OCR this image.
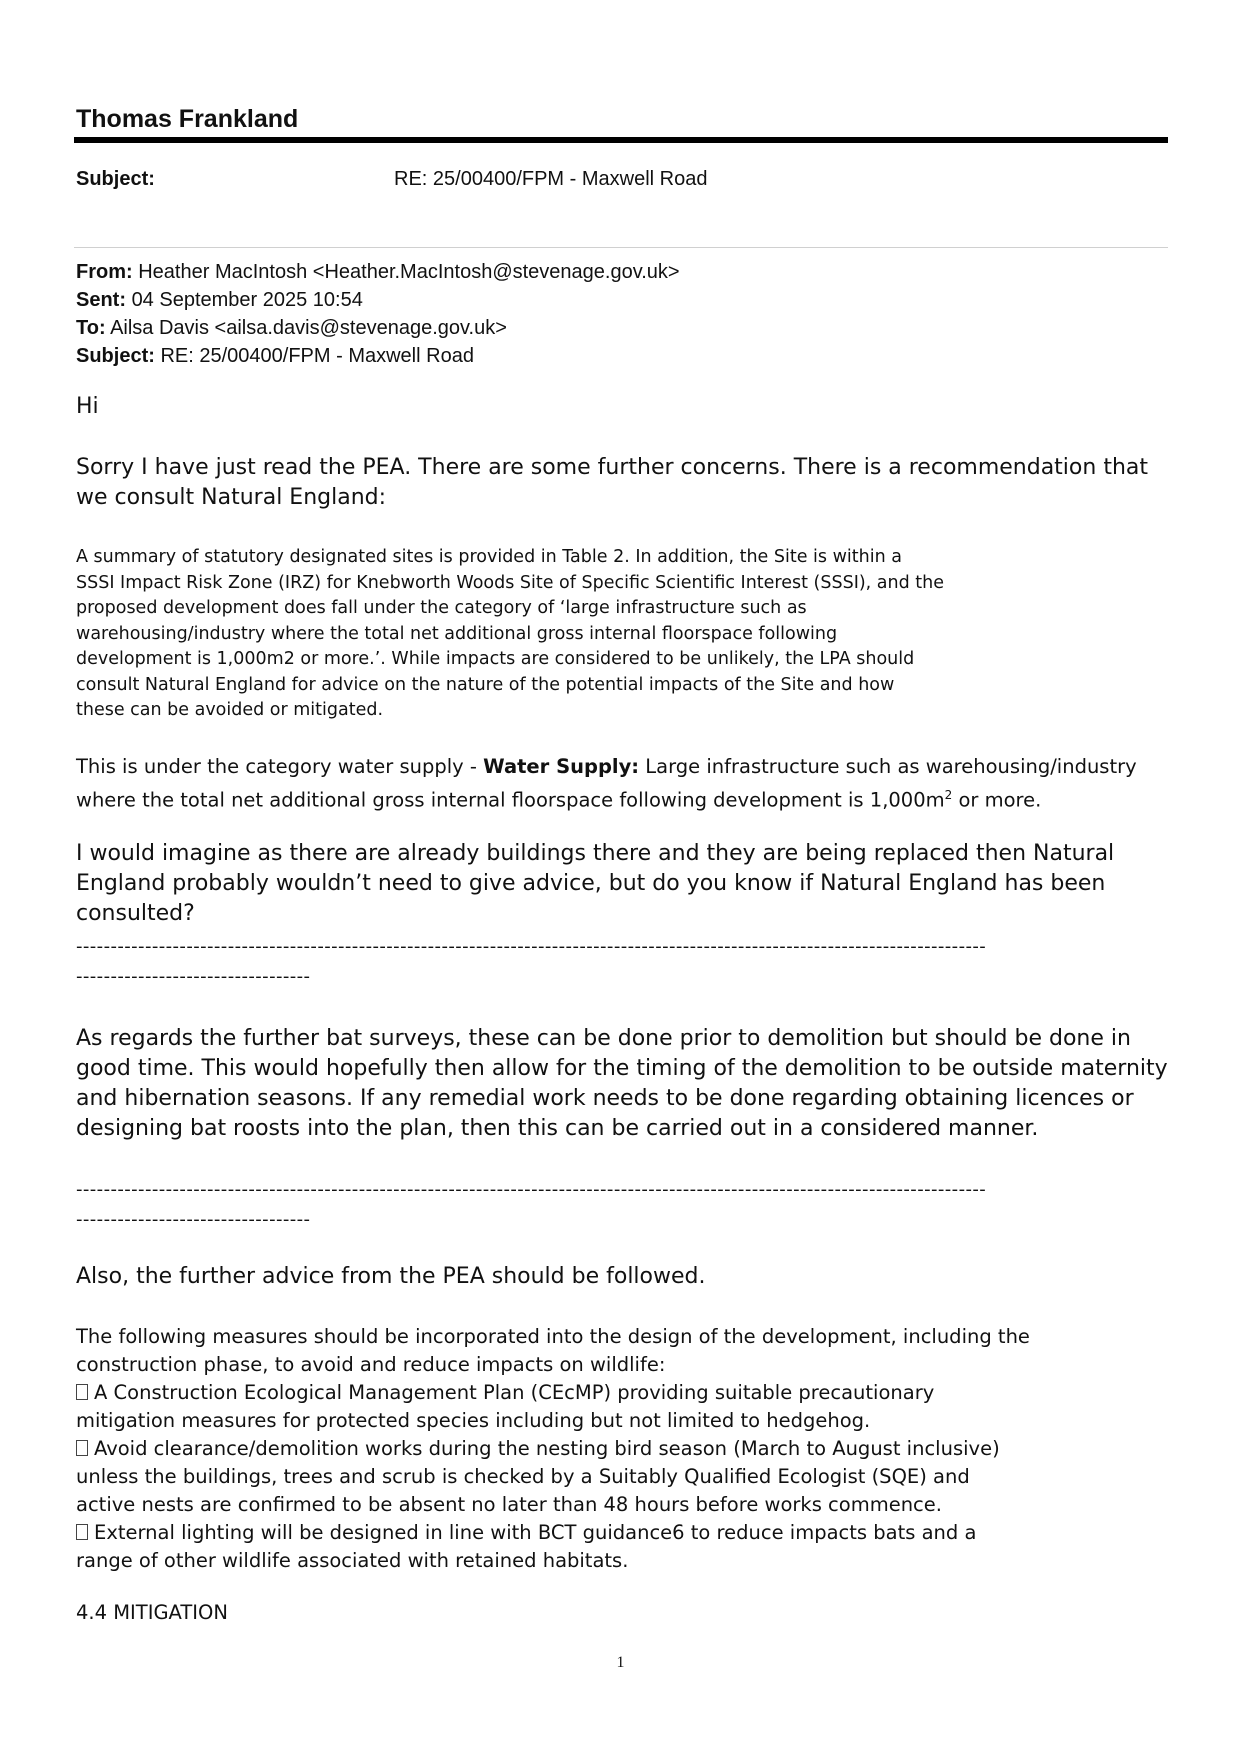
Thomas Frankland
Subject:	RE: 25/00400/FPM - Maxwell Road
From: Heather MacIntosh <Heather.MacIntosh@stevenage.gov.uk>
Sent: 04 September 2025 10:54
To: Ailsa Davis <ailsa.davis@stevenage.gov.uk>
Subject: RE: 25/00400/FPM - Maxwell Road

Hi

Sorry I have just read the PEA. There are some further concerns. There is a recommendation that we consult Natural England:

A summary of statutory designated sites is provided in Table 2. In addition, the Site is within a
SSSI Impact Risk Zone (IRZ) for Knebworth Woods Site of Specific Scientific Interest (SSSI), and the
proposed development does fall under the category of ‘large infrastructure such as
warehousing/industry where the total net additional gross internal floorspace following
development is 1,000m2 or more.’. While impacts are considered to be unlikely, the LPA should
consult Natural England for advice on the nature of the potential impacts of the Site and how
these can be avoided or mitigated.

This is under the category water supply - Water Supply: Large infrastructure such as warehousing/industry where the total net additional gross internal floorspace following development is $1,000m^2$ or more.

I would imagine as there are already buildings there and they are being replaced then Natural England probably wouldn’t need to give advice, but do you know if Natural England has been consulted?

------------------------------------------------------------------------------------------------------------------------------------
----------------------------------

As regards the further bat surveys, these can be done prior to demolition but should be done in good time. This would hopefully then allow for the timing of the demolition to be outside maternity and hibernation seasons. If any remedial work needs to be done regarding obtaining licences or designing bat roosts into the plan, then this can be carried out in a considered manner.

------------------------------------------------------------------------------------------------------------------------------------
----------------------------------

Also, the further advice from the PEA should be followed.

The following measures should be incorporated into the design of the development, including the

construction phase, to avoid and reduce impacts on wildlife:

A Construction Ecological Management Plan (CEcMP) providing suitable precautionary

mitigation measures for protected species including but not limited to hedgehog.

Avoid clearance/demolition works during the nesting bird season (March to August inclusive)

unless the buildings, trees and scrub is checked by a Suitably Qualified Ecologist (SQE) and

active nests are confirmed to be absent no later than 48 hours before works commence.

External lighting will be designed in line with BCT guidance6 to reduce impacts bats and a

range of other wildlife associated with retained habitats.

4.4 MITIGATION

1
